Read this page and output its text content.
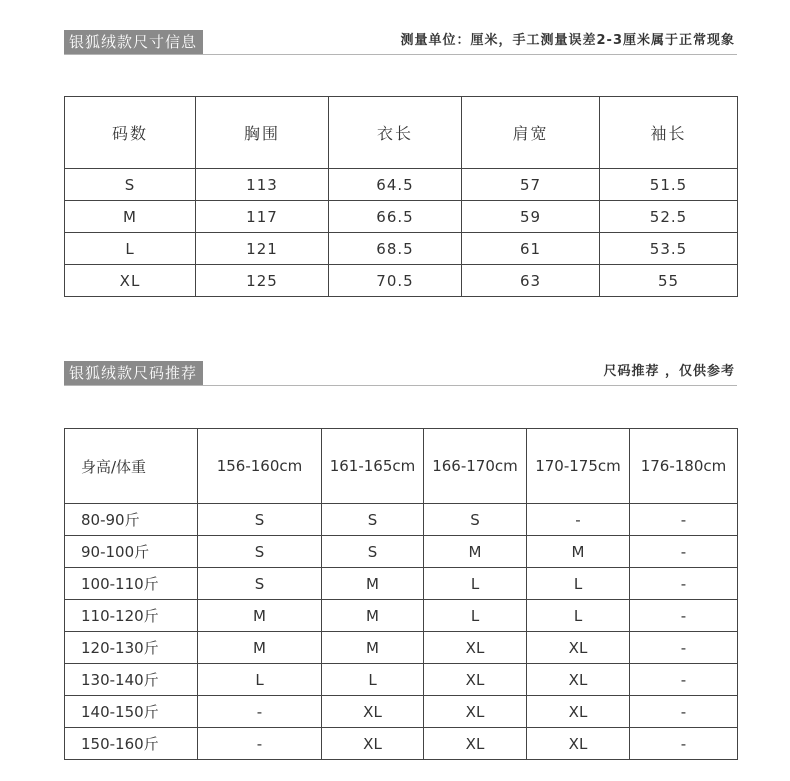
银狐绒款尺寸信息	测量单位：厘米，手工测量误差2-3厘米属于正常现象
码数	胸围	衣长	肩宽	袖长
S	113	64.5	57	51.5
M	117	66.5	59	52.5
L	121	68.5	61	53.5
XL	125	70.5	63	55
银狐绒款尺码推荐	尺码推荐 ，仅供参考
身高/体重	156-160cm	161-165cm	166-170cm	170-175cm	176-180cm
80-90斤	S	S	S	-	-
90-100斤	S	S	M	M	-
100-110斤	S	M	L	L	-
110-120斤	M	M	L	L	-
120-130斤	M	M	XL	XL	-
130-140斤	L	L	XL	XL	-
140-150斤	-	XL	XL	XL	-
150-160斤	-	XL	XL	XL	-
